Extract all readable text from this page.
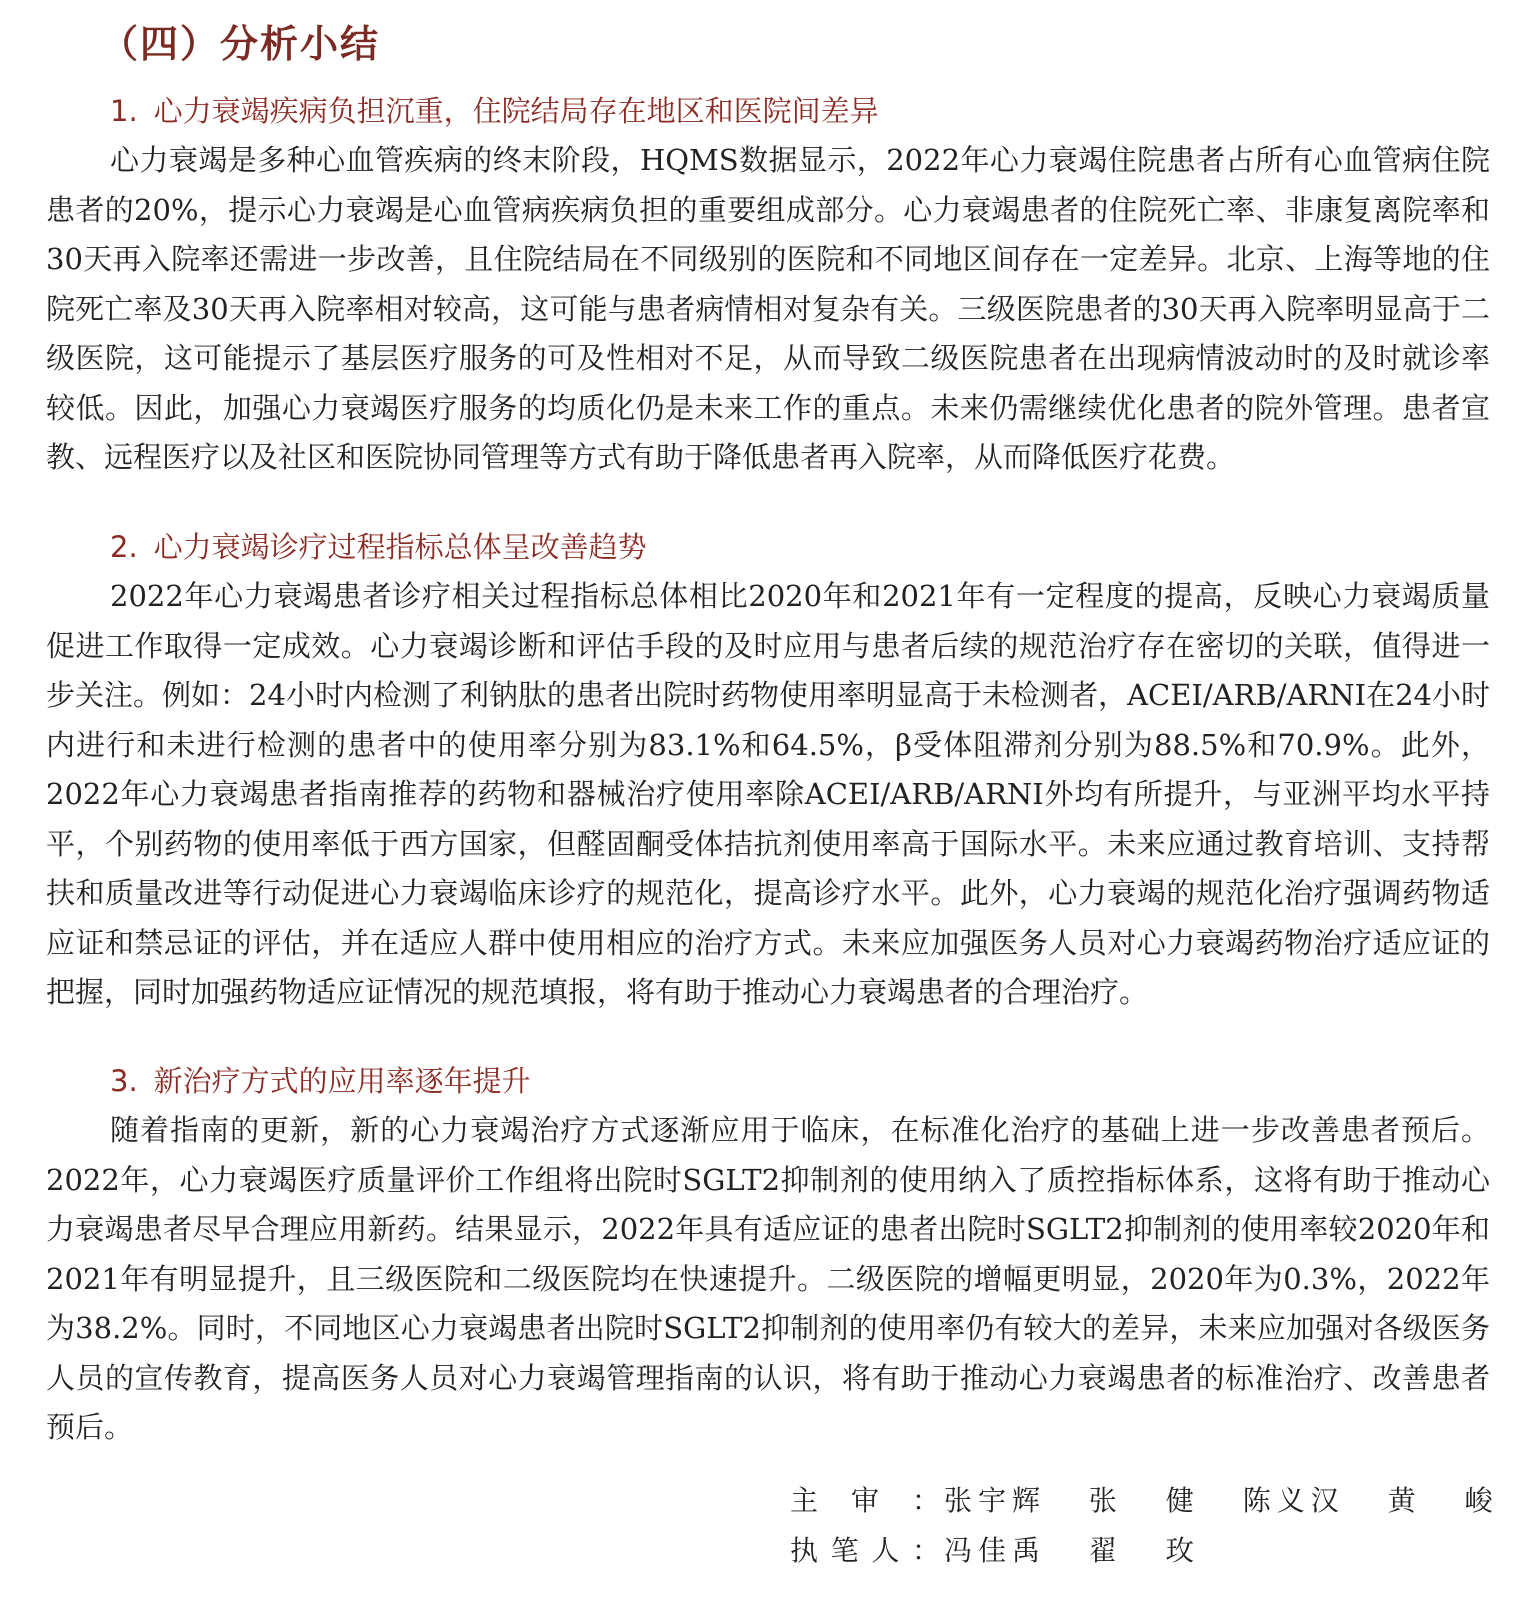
（四）分析小结
1. 心力衰竭疾病负担沉重，住院结局存在地区和医院间差异

心力衰竭是多种心血管疾病的终末阶段，HQMS数据显示，2022年心力衰竭住院患者占所有心血管病住院患者的20%，提示心力衰竭是心血管病疾病负担的重要组成部分。心力衰竭患者的住院死亡率、非康复离院率和30天再入院率还需进一步改善，且住院结局在不同级别的医院和不同地区间存在一定差异。北京、上海等地的住院死亡率及30天再入院率相对较高，这可能与患者病情相对复杂有关。三级医院患者的30天再入院率明显高于二级医院，这可能提示了基层医疗服务的可及性相对不足，从而导致二级医院患者在出现病情波动时的及时就诊率较低。因此，加强心力衰竭医疗服务的均质化仍是未来工作的重点。未来仍需继续优化患者的院外管理。患者宣教、远程医疗以及社区和医院协同管理等方式有助于降低患者再入院率，从而降低医疗花费。

2. 心力衰竭诊疗过程指标总体呈改善趋势

2022年心力衰竭患者诊疗相关过程指标总体相比2020年和2021年有一定程度的提高，反映心力衰竭质量促进工作取得一定成效。心力衰竭诊断和评估手段的及时应用与患者后续的规范治疗存在密切的关联，值得进一步关注。例如：24小时内检测了利钠肽的患者出院时药物使用率明显高于未检测者，ACEI/ARB/ARNI在24小时内进行和未进行检测的患者中的使用率分别为83.1%和64.5%，β受体阻滞剂分别为88.5%和70.9%。此外，2022年心力衰竭患者指南推荐的药物和器械治疗使用率除ACEI/ARB/ARNI外均有所提升，与亚洲平均水平持平，个别药物的使用率低于西方国家，但醛固酮受体拮抗剂使用率高于国际水平。未来应通过教育培训、支持帮扶和质量改进等行动促进心力衰竭临床诊疗的规范化，提高诊疗水平。此外，心力衰竭的规范化治疗强调药物适应证和禁忌证的评估，并在适应人群中使用相应的治疗方式。未来应加强医务人员对心力衰竭药物治疗适应证的把握，同时加强药物适应证情况的规范填报，将有助于推动心力衰竭患者的合理治疗。

3. 新治疗方式的应用率逐年提升

随着指南的更新，新的心力衰竭治疗方式逐渐应用于临床，在标准化治疗的基础上进一步改善患者预后。2022年，心力衰竭医疗质量评价工作组将出院时SGLT2抑制剂的使用纳入了质控指标体系，这将有助于推动心力衰竭患者尽早合理应用新药。结果显示，2022年具有适应证的患者出院时SGLT2抑制剂的使用率较2020年和2021年有明显提升，且三级医院和二级医院均在快速提升。二级医院的增幅更明显，2020年为0.3%，2022年为38.2%。同时，不同地区心力衰竭患者出院时SGLT2抑制剂的使用率仍有较大的差异，未来应加强对各级医务人员的宣传教育，提高医务人员对心力衰竭管理指南的认识，将有助于推动心力衰竭患者的标准治疗、改善患者预后。

主审： 张宇辉 张 健 陈义汉 黄 峻
执笔人： 冯佳禹 翟 玫
